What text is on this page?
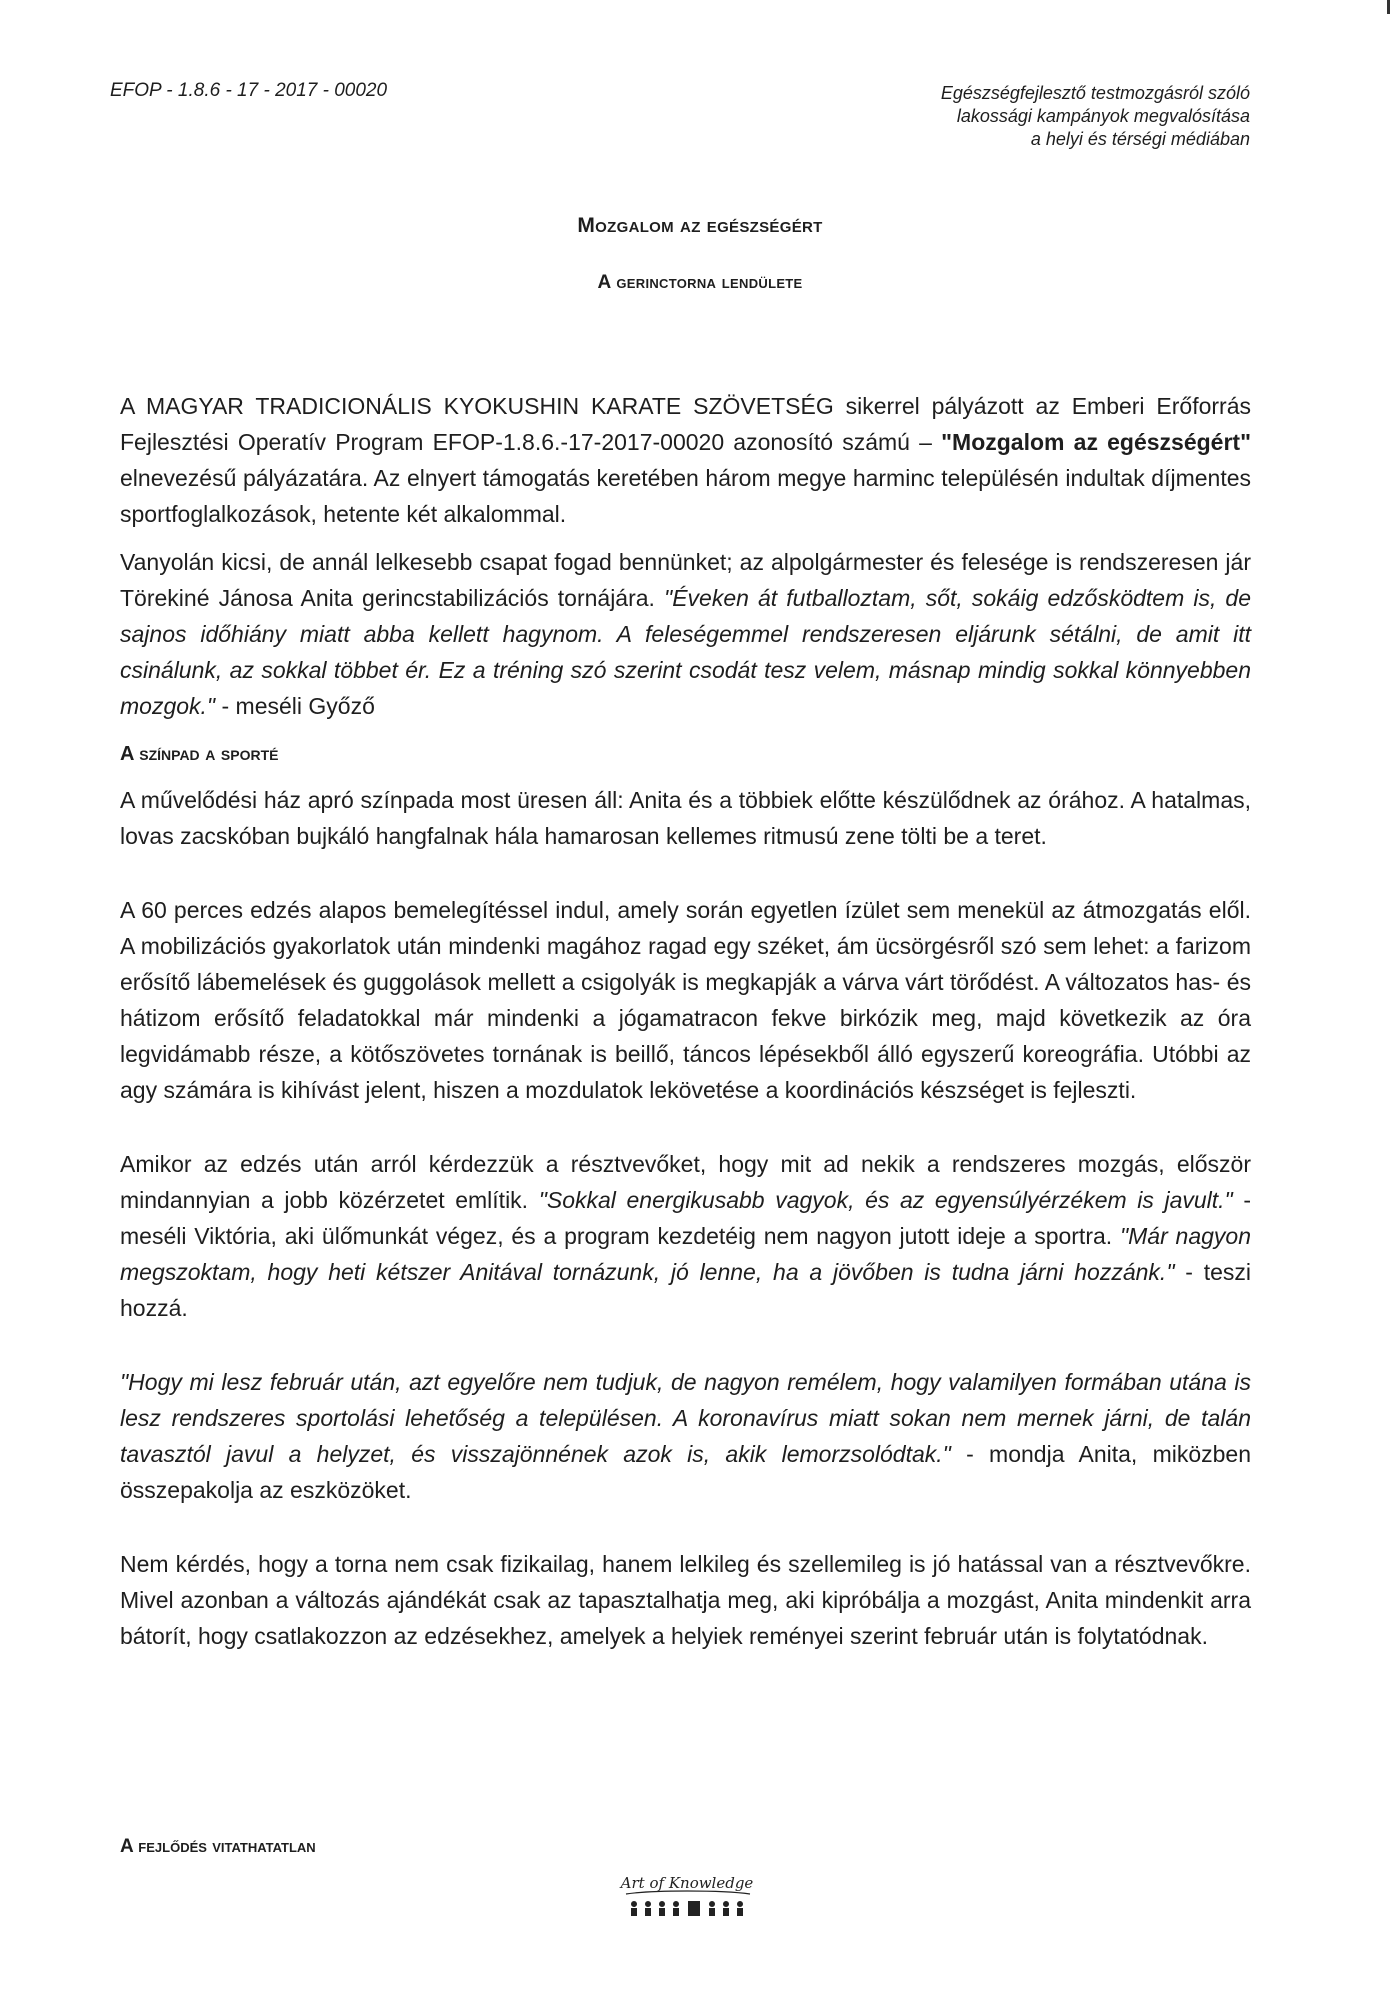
EFOP - 1.8.6 - 17 - 2017 - 00020	Egészségfejlesztő testmozgásról szóló
lakossági kampányok megvalósítása
a helyi és térségi médiában
Mozgalom az egészségért
A gerinctorna lendülete

A MAGYAR TRADICIONÁLIS KYOKUSHIN KARATE SZÖVETSÉG sikerrel pályázott az Emberi Erőforrás Fejlesztési Operatív Program EFOP-1.8.6.-17-2017-00020 azonosító számú – "Mozgalom az egészségért" elnevezésű pályázatára. Az elnyert támogatás keretében három megye harminc településén indultak díjmentes sportfoglalkozások, hetente két alkalommal.

Vanyolán kicsi, de annál lelkesebb csapat fogad bennünket; az alpolgármester és felesége is rendszeresen jár Törekiné Jánosa Anita gerincstabilizációs tornájára. "Éveken át futballoztam, sőt, sokáig edzősködtem is, de sajnos időhiány miatt abba kellett hagynom. A feleségemmel rendszeresen eljárunk sétálni, de amit itt csinálunk, az sokkal többet ér. Ez a tréning szó szerint csodát tesz velem, másnap mindig sokkal könnyebben mozgok." - meséli Győző

A színpad a sporté

A művelődési ház apró színpada most üresen áll: Anita és a többiek előtte készülődnek az órához. A hatalmas, lovas zacskóban bujkáló hangfalnak hála hamarosan kellemes ritmusú zene tölti be a teret.

A 60 perces edzés alapos bemelegítéssel indul, amely során egyetlen ízület sem menekül az átmozgatás elől. A mobilizációs gyakorlatok után mindenki magához ragad egy széket, ám ücsörgésről szó sem lehet: a farizom erősítő lábemelések és guggolások mellett a csigolyák is megkapják a várva várt törődést. A változatos has- és hátizom erősítő feladatokkal már mindenki a jógamatracon fekve birkózik meg, majd következik az óra legvidámabb része, a kötőszövetes tornának is beillő, táncos lépésekből álló egyszerű koreográfia. Utóbbi az agy számára is kihívást jelent, hiszen a mozdulatok lekövetése a koordinációs készséget is fejleszti.

Amikor az edzés után arról kérdezzük a résztvevőket, hogy mit ad nekik a rendszeres mozgás, először mindannyian a jobb közérzetet említik. "Sokkal energikusabb vagyok, és az egyensúlyérzékem is javult." - meséli Viktória, aki ülőmunkát végez, és a program kezdetéig nem nagyon jutott ideje a sportra. "Már nagyon megszoktam, hogy heti kétszer Anitával tornázunk, jó lenne, ha a jövőben is tudna járni hozzánk." - teszi hozzá.

"Hogy mi lesz február után, azt egyelőre nem tudjuk, de nagyon remélem, hogy valamilyen formában utána is lesz rendszeres sportolási lehetőség a településen. A koronavírus miatt sokan nem mernek járni, de talán tavasztól javul a helyzet, és visszajönnének azok is, akik lemorzsolódtak." - mondja Anita, miközben összepakolja az eszközöket.

Nem kérdés, hogy a torna nem csak fizikailag, hanem lelkileg és szellemileg is jó hatással van a résztvevőkre. Mivel azonban a változás ajándékát csak az tapasztalhatja meg, aki kipróbálja a mozgást, Anita mindenkit arra bátorít, hogy csatlakozzon az edzésekhez, amelyek a helyiek reményei szerint február után is folytatódnak.

A fejlődés vitathatatlan
Art of Knowledge
